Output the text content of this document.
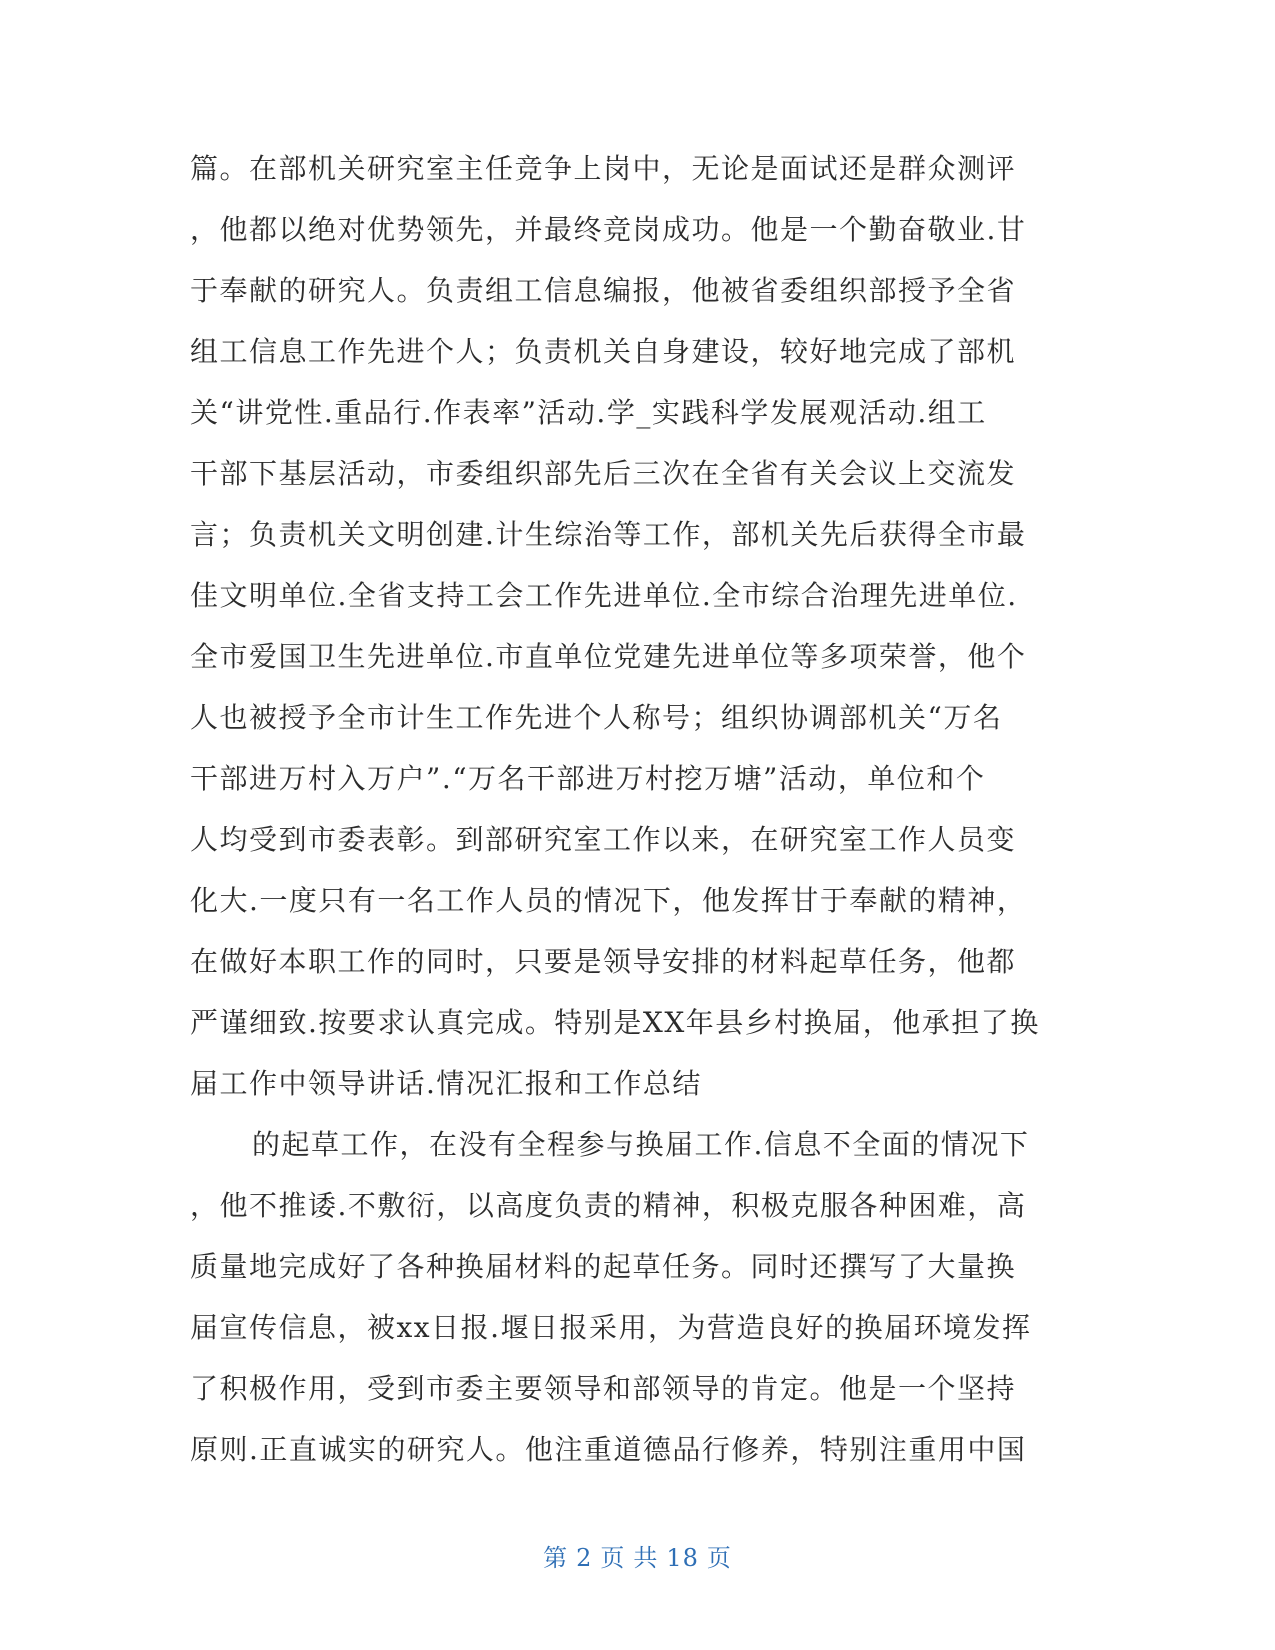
篇。在部机关研究室主任竞争上岗中，无论是面试还是群众测评
，他都以绝对优势领先，并最终竞岗成功。他是一个勤奋敬业.甘
于奉献的研究人。负责组工信息编报，他被省委组织部授予全省
组工信息工作先进个人；负责机关自身建设，较好地完成了部机
关“讲党性.重品行.作表率”活动.学_实践科学发展观活动.组工
干部下基层活动，市委组织部先后三次在全省有关会议上交流发
言；负责机关文明创建.计生综治等工作，部机关先后获得全市最
佳文明单位.全省支持工会工作先进单位.全市综合治理先进单位.
全市爱国卫生先进单位.市直单位党建先进单位等多项荣誉，他个
人也被授予全市计生工作先进个人称号；组织协调部机关“万名
干部进万村入万户”.“万名干部进万村挖万塘”活动，单位和个
人均受到市委表彰。到部研究室工作以来，在研究室工作人员变
化大.一度只有一名工作人员的情况下，他发挥甘于奉献的精神，
在做好本职工作的同时，只要是领导安排的材料起草任务，他都
严谨细致.按要求认真完成。特别是XX年县乡村换届，他承担了换
届工作中领导讲话.情况汇报和工作总结
的起草工作，在没有全程参与换届工作.信息不全面的情况下
，他不推诿.不敷衍，以高度负责的精神，积极克服各种困难，高
质量地完成好了各种换届材料的起草任务。同时还撰写了大量换
届宣传信息，被xx日报.堰日报采用，为营造良好的换届环境发挥
了积极作用，受到市委主要领导和部领导的肯定。他是一个坚持
原则.正直诚实的研究人。他注重道德品行修养，特别注重用中国
第 2 页 共 18 页
